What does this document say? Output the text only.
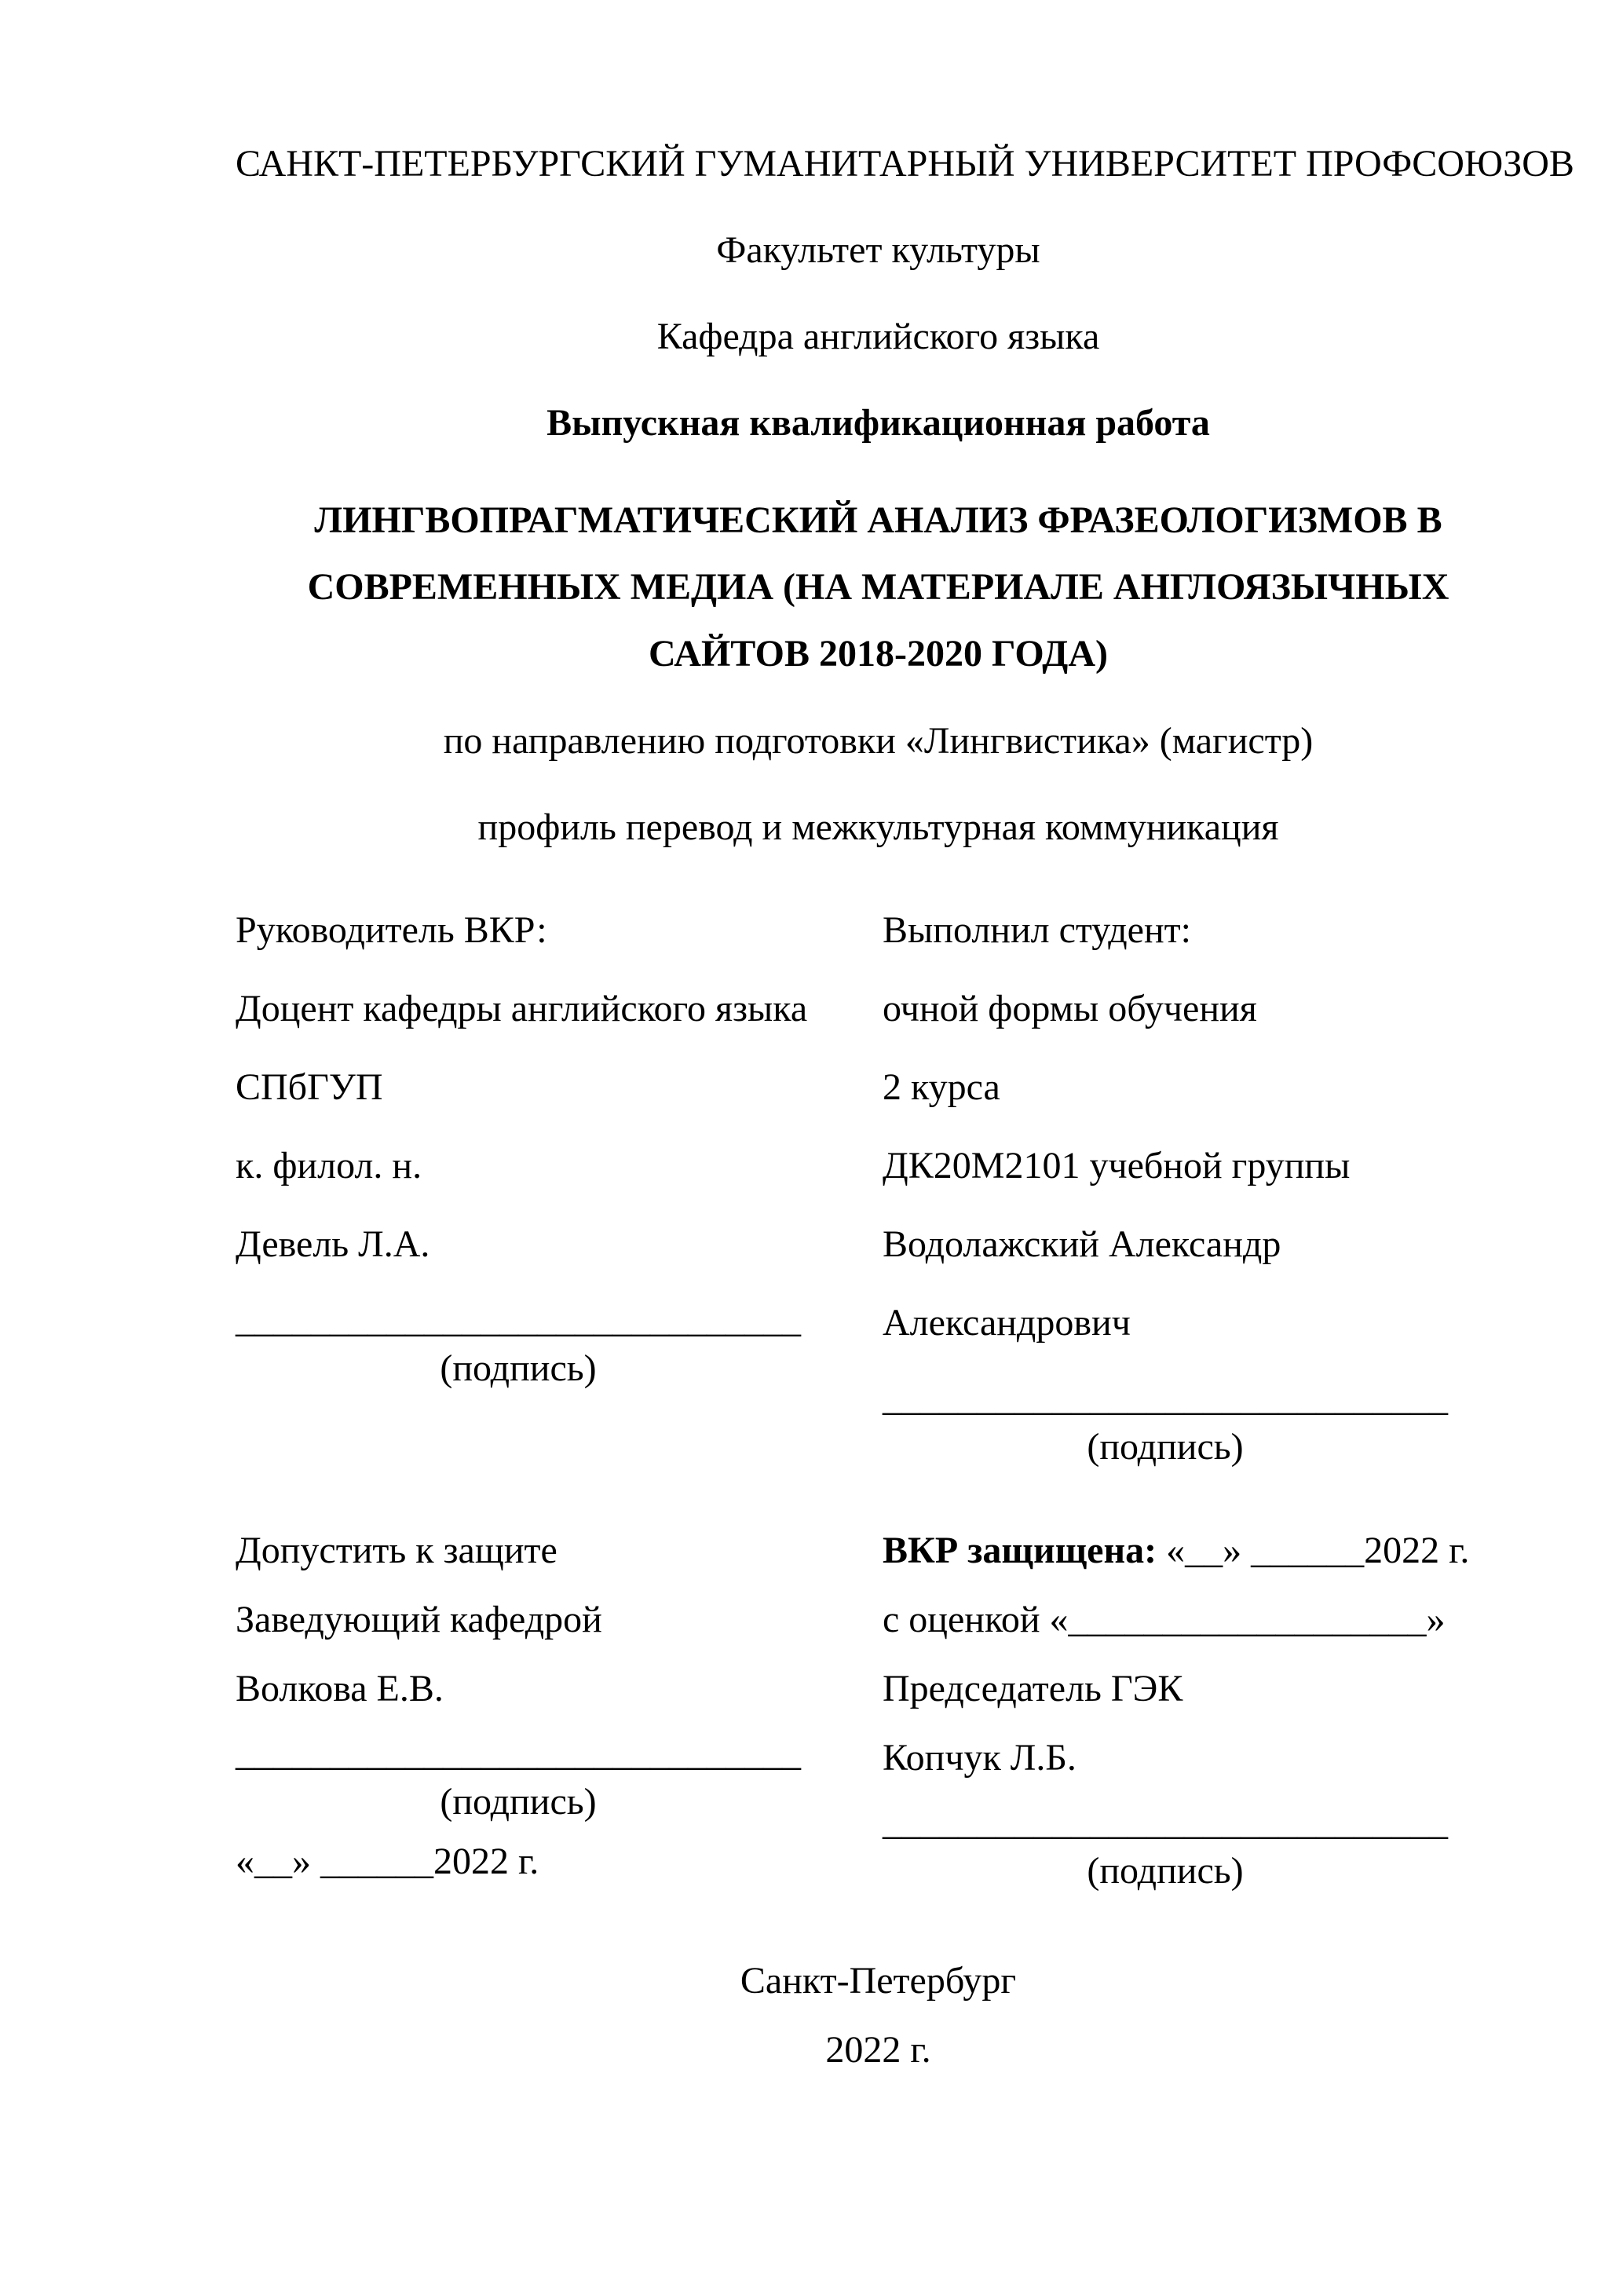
САНКТ-ПЕТЕРБУРГСКИЙ ГУМАНИТАРНЫЙ УНИВЕРСИТЕТ ПРОФСОЮЗОВ

Факультет культуры

Кафедра английского языка

Выпускная квалификационная работа

ЛИНГВОПРАГМАТИЧЕСКИЙ АНАЛИЗ ФРАЗЕОЛОГИЗМОВ В

СОВРЕМЕННЫХ МЕДИА (НА МАТЕРИАЛЕ АНГЛОЯЗЫЧНЫХ

САЙТОВ 2018-2020 ГОДА)

по направлению подготовки «Лингвистика» (магистр)

профиль перевод и межкультурная коммуникация

Руководитель ВКР:

Доцент кафедры английского языка

СПбГУП

к. филол. н.

Девель Л.А.

______________________________

(подпись)

Выполнил студент:

очной формы обучения

2 курса

ДК20М2101 учебной группы

Водолажский Александр

Александрович

______________________________

(подпись)

Допустить к защите

Заведующий кафедрой

Волкова Е.В.

______________________________

(подпись)

«__» ______2022 г.

ВКР защищена: «__» ______2022 г.

с оценкой «___________________»

Председатель ГЭК

Копчук Л.Б.

______________________________

(подпись)

Санкт-Петербург

2022 г.
